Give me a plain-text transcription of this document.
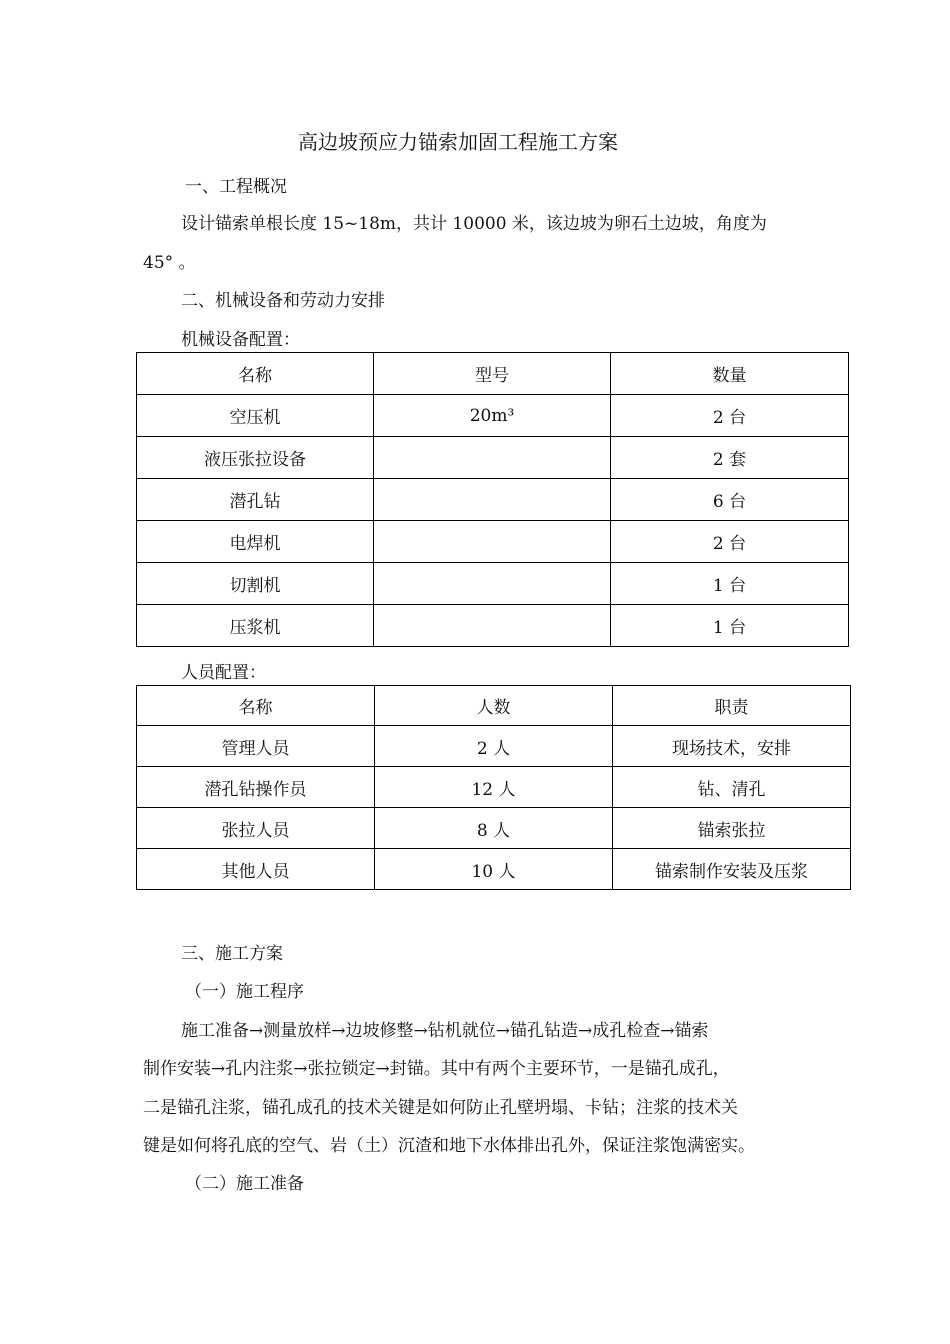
高边坡预应力锚索加固工程施工方案
一、工程概况
设计锚索单根长度 15~18m，共计 10000 米，该边坡为卵石土边坡，角度为
45° 。
二、机械设备和劳动力安排
机械设备配置：
名称	型号	数量
空压机	20m³	2 台
液压张拉设备		2 套
潜孔钻		6 台
电焊机		2 台
切割机		1 台
压浆机		1 台
人员配置：
名称	人数	职责
管理人员	2 人	现场技术，安排
潜孔钻操作员	12 人	钻、清孔
张拉人员	8 人	锚索张拉
其他人员	10 人	锚索制作安装及压浆
三、施工方案
（一）施工程序
施工准备→测量放样→边坡修整→钻机就位→锚孔钻造→成孔检查→锚索
制作安装→孔内注浆→张拉锁定→封锚。其中有两个主要环节，一是锚孔成孔，
二是锚孔注浆，锚孔成孔的技术关键是如何防止孔壁坍塌、卡钻；注浆的技术关
键是如何将孔底的空气、岩（土）沉渣和地下水体排出孔外，保证注浆饱满密实。
（二）施工准备
